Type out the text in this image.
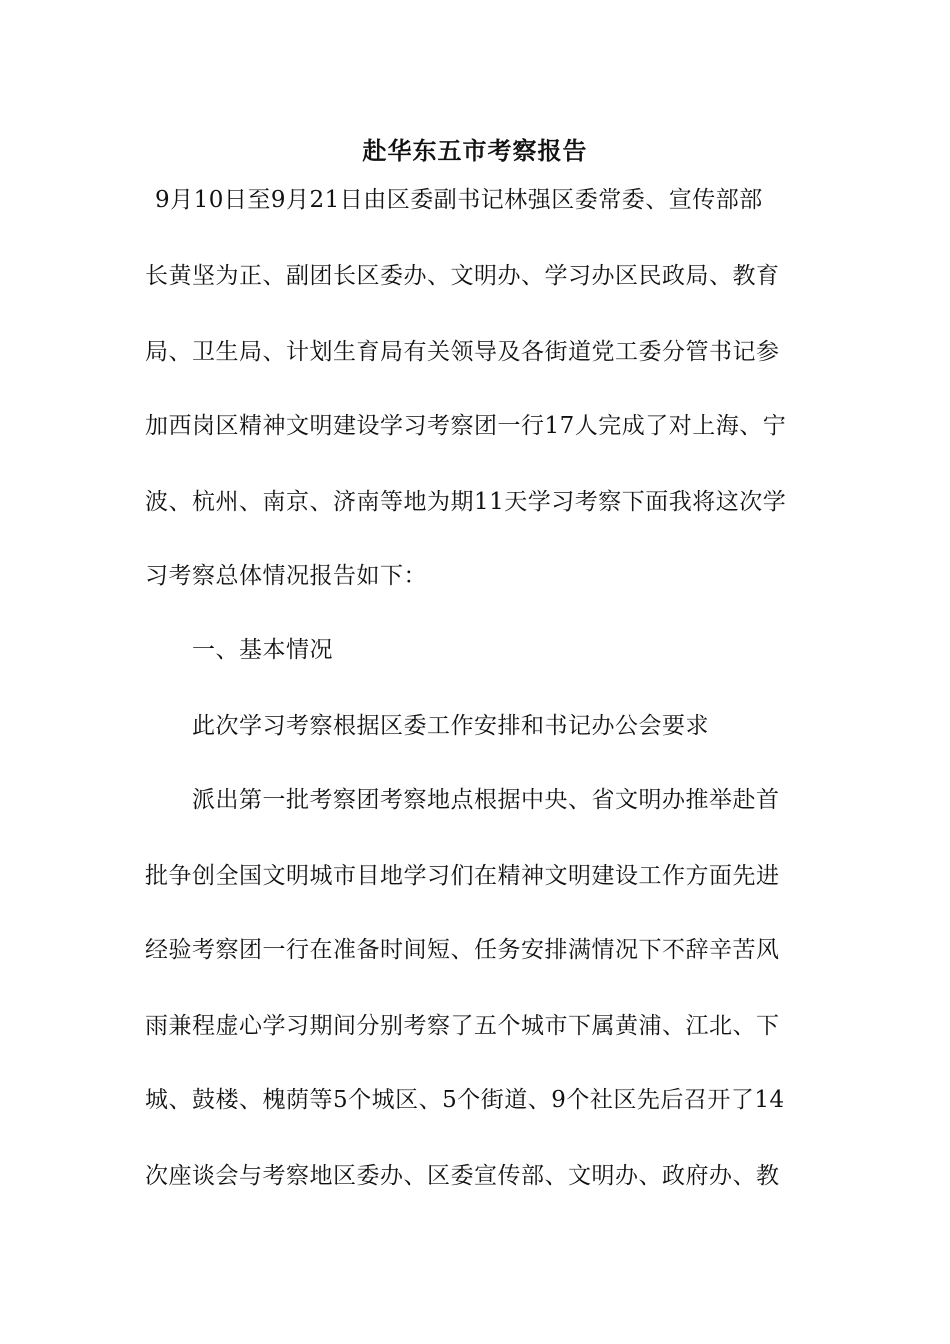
赴华东五市考察报告
9月10日至9月21日由区委副书记林强区委常委、宣传部部
长黄坚为正、副团长区委办、文明办、学习办区民政局、教育
局、卫生局、计划生育局有关领导及各街道党工委分管书记参
加西岗区精神文明建设学习考察团一行17人完成了对上海、宁
波、杭州、南京、济南等地为期11天学习考察下面我将这次学
习考察总体情况报告如下：
一、基本情况
此次学习考察根据区委工作安排和书记办公会要求
派出第一批考察团考察地点根据中央、省文明办推举赴首
批争创全国文明城市目地学习们在精神文明建设工作方面先进
经验考察团一行在准备时间短、任务安排满情况下不辞辛苦风
雨兼程虚心学习期间分别考察了五个城市下属黄浦、江北、下
城、鼓楼、槐荫等5个城区、5个街道、9个社区先后召开了14
次座谈会与考察地区委办、区委宣传部、文明办、政府办、教
